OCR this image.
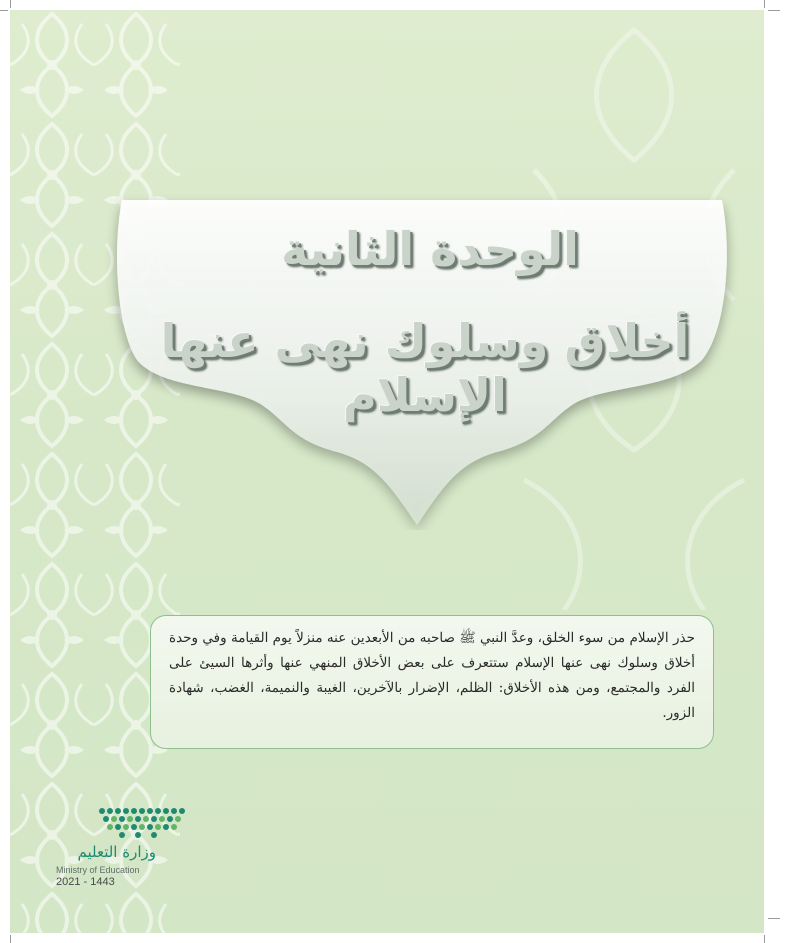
الوحدة الثانية
أخلاق وسلوك نهى عنها الإسلام

حذر الإسلام من سوء الخلق، وعدَّ النبي ﷺ صاحبه من الأبعدين عنه منزلاً يوم القيامة وفي وحدة أخلاق وسلوك نهى عنها الإسلام ستتعرف على بعض الأخلاق المنهي عنها وأثرها السيئ على الفرد والمجتمع، ومن هذه الأخلاق: الظلم، الإضرار بالآخرين، الغيبة والنميمة، الغضب، شهادة الزور.

وزارة التعليم
Ministry of Education
2021 - 1443
